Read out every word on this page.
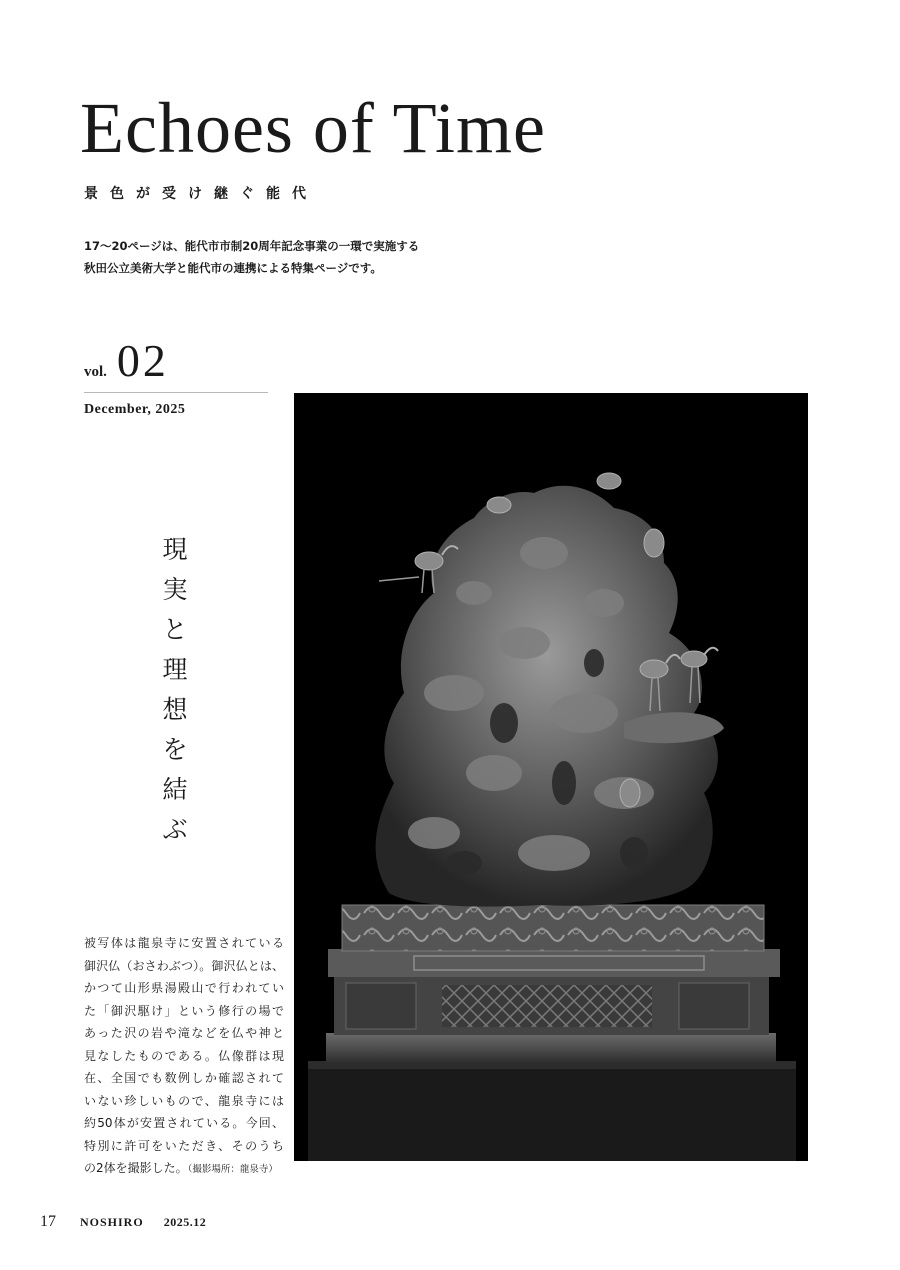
Echoes of Time
景色が受け継ぐ能代
17〜20ページは、能代市市制20周年記念事業の一環で実施する
秋田公立美術大学と能代市の連携による特集ページです。
vol. 02
December, 2025
現
実
と
理
想
を
結
ぶ
被写体は龍泉寺に安置されている
御沢仏（おさわぶつ）。御沢仏とは、
かつて山形県湯殿山で行われてい
た「御沢駆け」という修行の場で
あった沢の岩や滝などを仏や神と
見なしたものである。仏像群は現
在、全国でも数例しか確認されて
いない珍しいもので、龍泉寺には
約50体が安置されている。今回、
特別に許可をいただき、そのうち
の2体を撮影した。（撮影場所：龍泉寺）
17 NOSHIRO 2025.12
